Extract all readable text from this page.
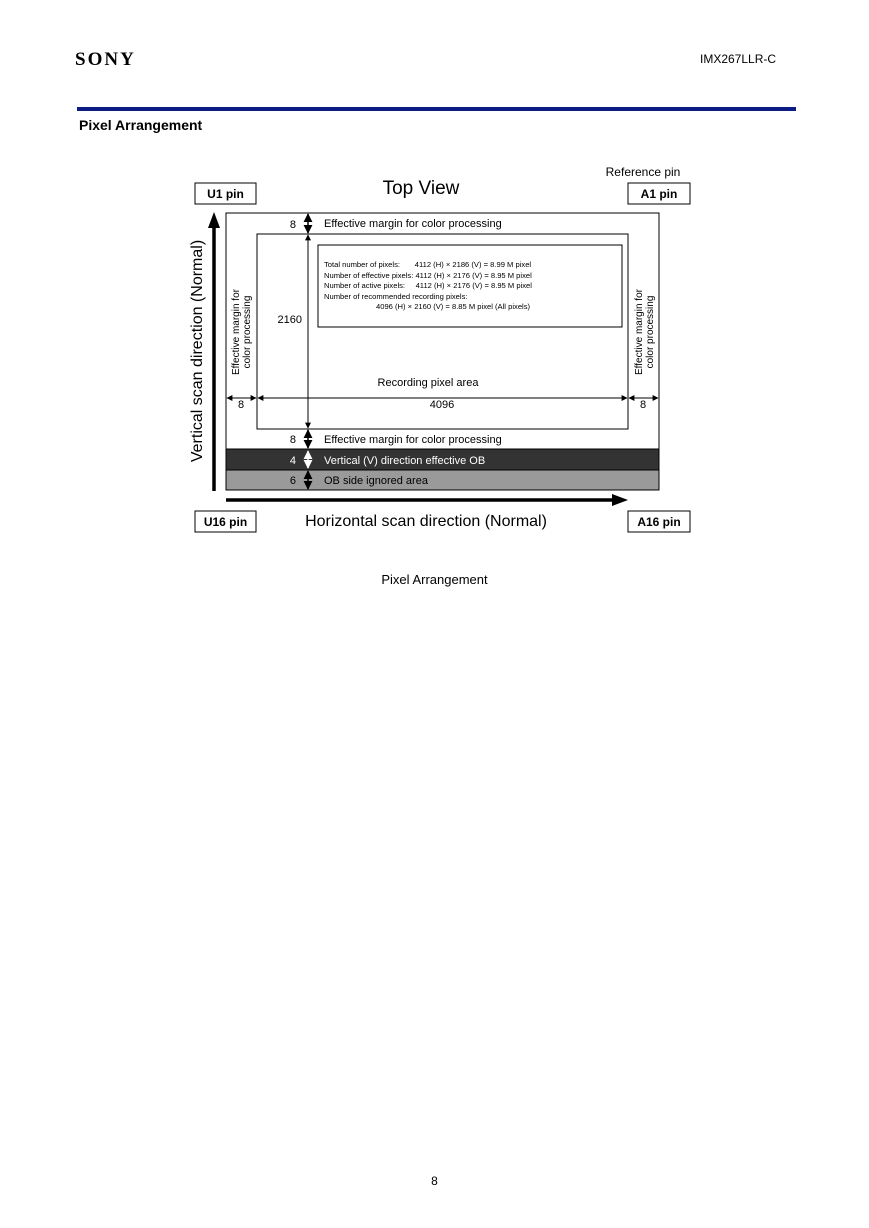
SONY	IMX267LLR-C
Pixel Arrangement
Top View
Reference pin
U1 pin	A1 pin
U16 pin	A16 pin
Total number of pixels:       4112 (H) × 2186 (V) = 8.99 M pixel
Number of effective pixels: 4112 (H) × 2176 (V) = 8.95 M pixel
Number of active pixels:     4112 (H) × 2176 (V) = 8.95 M pixel
Number of recommended recording pixels:
4096 (H) × 2160 (V) = 8.85 M pixel (All pixels)
8	Effective margin for color processing
2160
Recording pixel area
4096
8	8
Effective margin for color processing	Effective margin for color processing
8	Effective margin for color processing
4	Vertical (V) direction effective OB
6	OB side ignored area
Vertical scan direction (Normal)
Horizontal scan direction (Normal)
Pixel Arrangement
8
